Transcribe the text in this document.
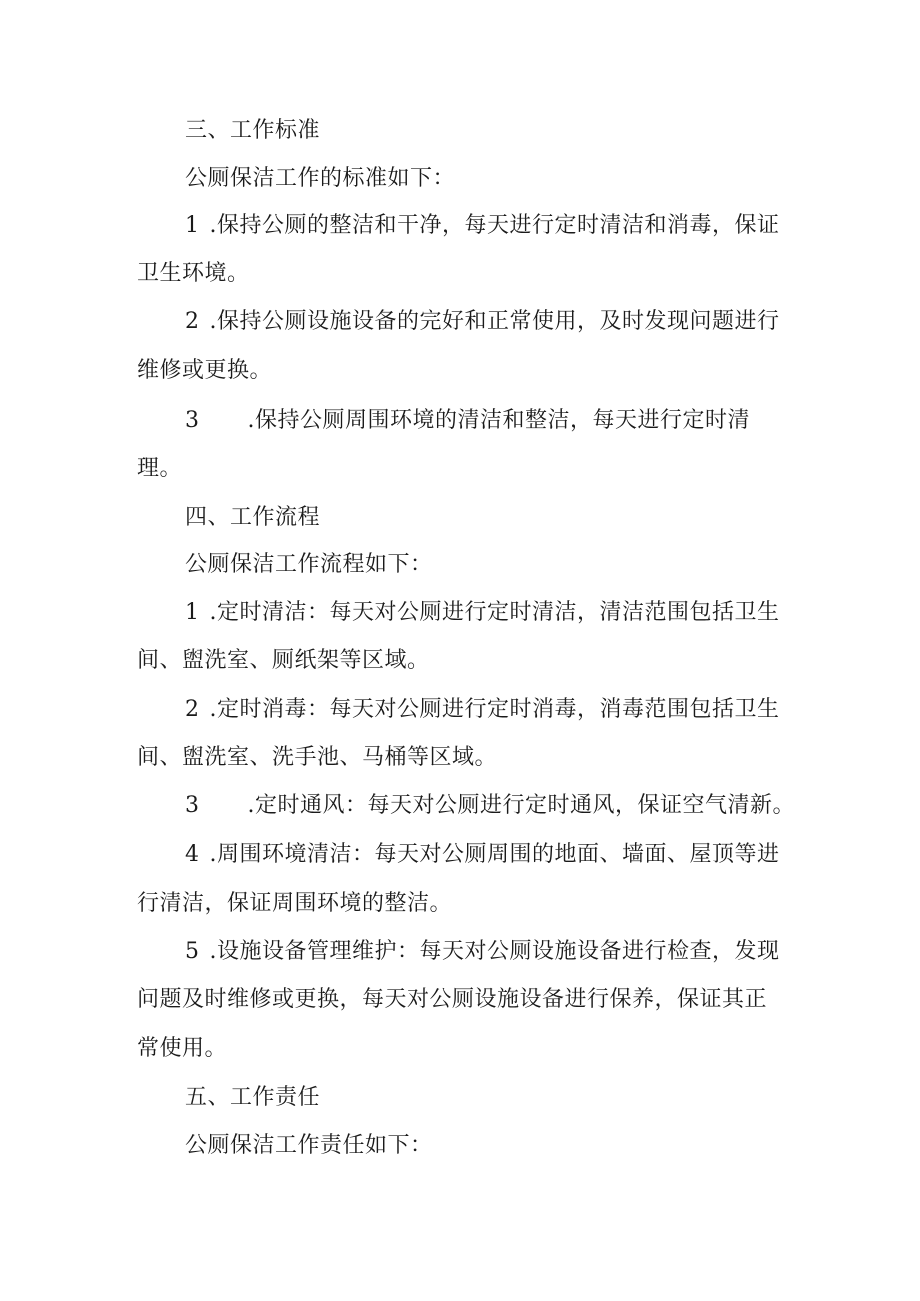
三、工作标准
公厕保洁工作的标准如下：
1 .保持公厕的整洁和干净，每天进行定时清洁和消毒，保证
卫生环境。
2 .保持公厕设施设备的完好和正常使用，及时发现问题进行
维修或更换。
3 .保持公厕周围环境的清洁和整洁，每天进行定时清
理。
四、工作流程
公厕保洁工作流程如下：
1 .定时清洁：每天对公厕进行定时清洁，清洁范围包括卫生
间、盥洗室、厕纸架等区域。
2 .定时消毒：每天对公厕进行定时消毒，消毒范围包括卫生
间、盥洗室、洗手池、马桶等区域。
3 .定时通风：每天对公厕进行定时通风，保证空气清新。
4 .周围环境清洁：每天对公厕周围的地面、墙面、屋顶等进
行清洁，保证周围环境的整洁。
5 .设施设备管理维护：每天对公厕设施设备进行检查，发现
问题及时维修或更换，每天对公厕设施设备进行保养，保证其正
常使用。
五、工作责任
公厕保洁工作责任如下：
